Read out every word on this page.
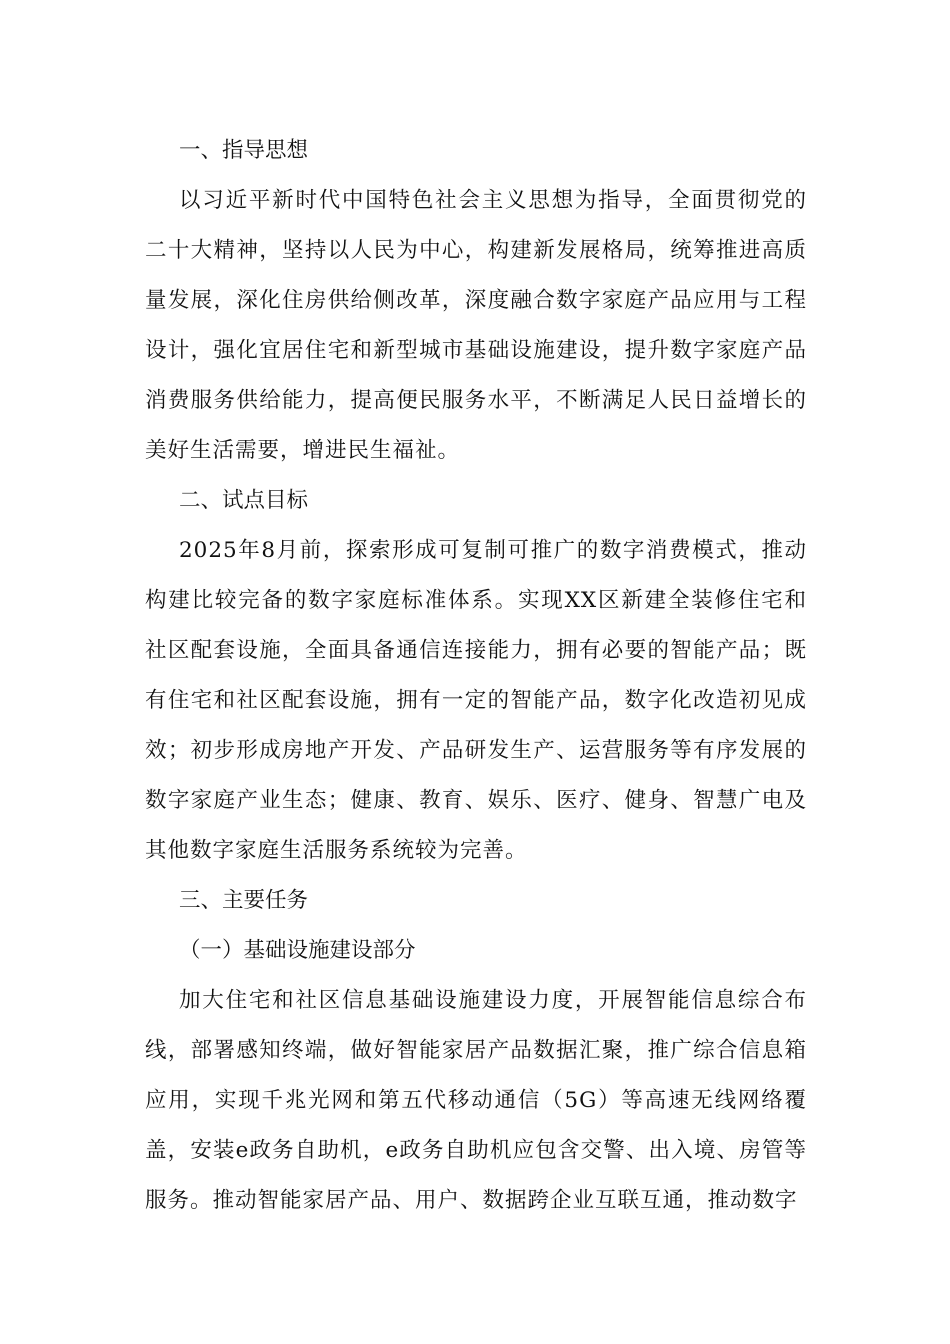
一、指导思想

以习近平新时代中国特色社会主义思想为指导，全面贯彻党的二十大精神，坚持以人民为中心，构建新发展格局，统筹推进高质量发展，深化住房供给侧改革，深度融合数字家庭产品应用与工程设计，强化宜居住宅和新型城市基础设施建设，提升数字家庭产品消费服务供给能力，提高便民服务水平，不断满足人民日益增长的美好生活需要，增进民生福祉。

二、试点目标

2025年8月前，探索形成可复制可推广的数字消费模式，推动构建比较完备的数字家庭标准体系。实现XX区新建全装修住宅和社区配套设施，全面具备通信连接能力，拥有必要的智能产品；既有住宅和社区配套设施，拥有一定的智能产品，数字化改造初见成效；初步形成房地产开发、产品研发生产、运营服务等有序发展的数字家庭产业生态；健康、教育、娱乐、医疗、健身、智慧广电及其他数字家庭生活服务系统较为完善。

三、主要任务

（一）基础设施建设部分

加大住宅和社区信息基础设施建设力度，开展智能信息综合布线，部署感知终端，做好智能家居产品数据汇聚，推广综合信息箱应用，实现千兆光网和第五代移动通信（5G）等高速无线网络覆盖，安装e政务自助机，e政务自助机应包含交警、出入境、房管等服务。推动智能家居产品、用户、数据跨企业互联互通，推动数字
